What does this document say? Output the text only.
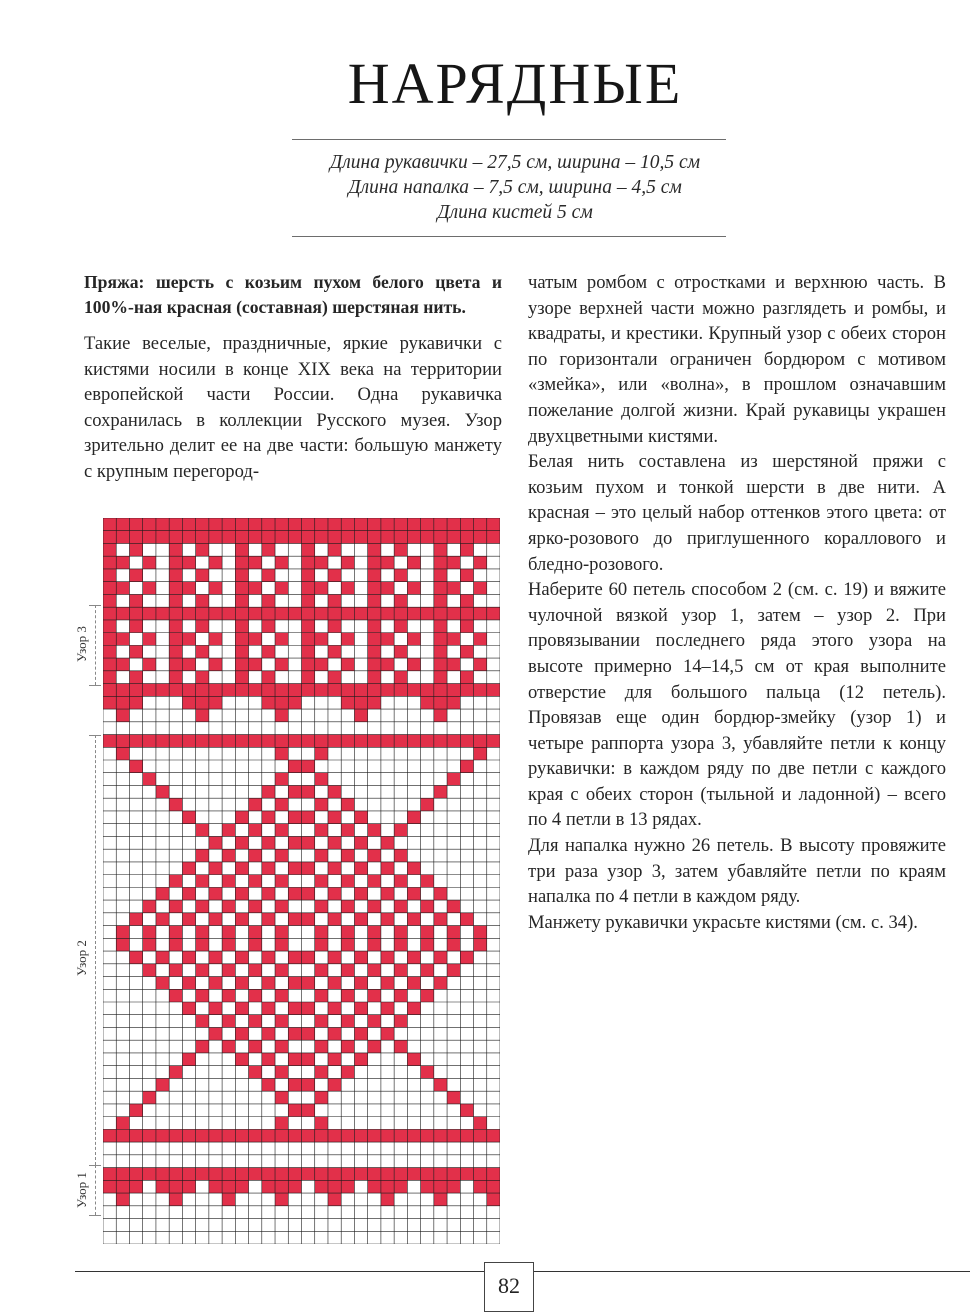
НАРЯДНЫЕ
Длина рукавички – 27,5 см, ширина – 10,5 см
Длина напалка – 7,5 см, ширина – 4,5 см
Длина кистей 5 см

Пряжа: шерсть с козьим пухом белого цвета и 100%-ная красная (составная) шерстяная нить.

Такие веселые, праздничные, яркие рукавички с кистями носили в конце XIX века на территории европейской части России. Одна рукавичка сохранилась в коллекции Русского музея. Узор зрительно делит ее на две части: большую манжету с крупным перегород-

чатым ромбом с отростками и верхнюю часть. В узоре верхней части можно разглядеть и ромбы, и квадраты, и крестики. Крупный узор с обеих сторон по горизонтали ограничен бордюром с мотивом «змейка», или «волна», в прошлом означавшим пожелание долгой жизни. Край рукавицы украшен двухцветными кистями.

Белая нить составлена из шерстяной пряжи с козьим пухом и тонкой шерсти в две нити. А красная – это целый набор оттенков этого цвета: от ярко-розового до приглушенного кораллового и бледно-розового.

Наберите 60 петель способом 2 (см. с. 19) и вяжите чулочной вязкой узор 1, затем – узор 2. При провязывании последнего ряда этого узора на высоте примерно 14–14,5 см от края выполните отверстие для большого пальца (12 петель). Провязав еще один бордюр-змейку (узор 1) и четыре раппорта узора 3, убавляйте петли к концу рукавички: в каждом ряду по две петли с каждого края с обеих сторон (тыльной и ладонной) – всего по 4 петли в 13 рядах.

Для напалка нужно 26 петель. В высоту провяжите три раза узор 3, затем убавляйте петли по краям напалка по 4 петли в каждом ряду.

Манжету рукавички украсьте кистями (см. с. 34).

Узор 3
Узор 2
Узор 1
82
